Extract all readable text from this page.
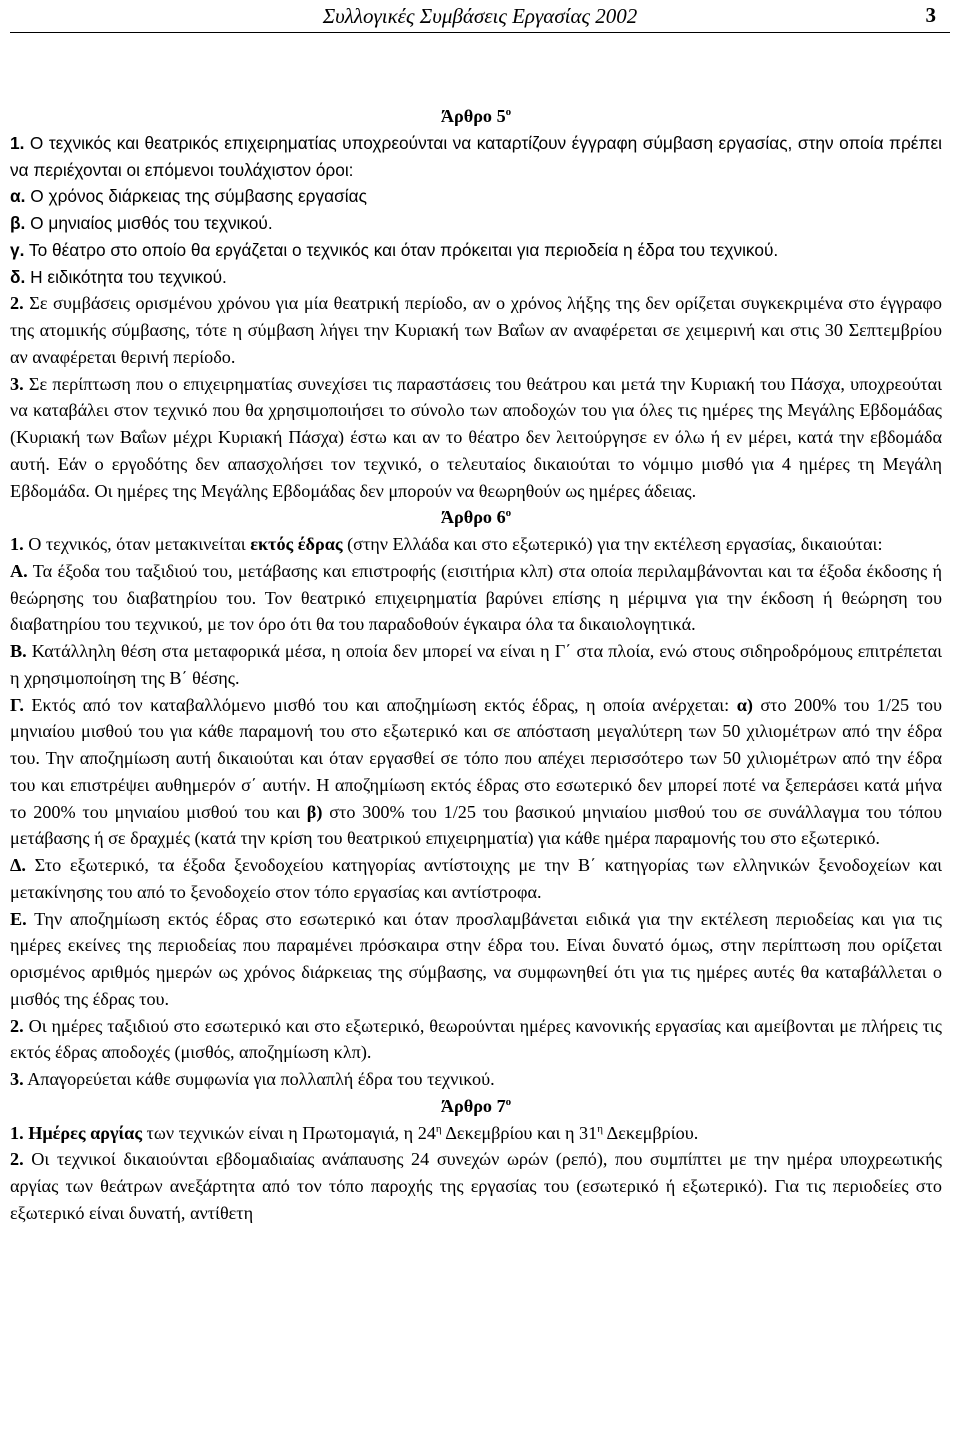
Συλλογικές Συμβάσεις Εργασίας 2002	3

Άρθρο $5^o$

1. Ο τεχνικός και θεατρικός επιχειρηματίας υποχρεούνται να καταρτίζουν έγγραφη σύμβαση εργασίας, στην οποία πρέπει να περιέχονται οι επόμενοι τουλάχιστον όροι:

α. Ο χρόνος διάρκειας της σύμβασης εργασίας

β. Ο μηνιαίος μισθός του τεχνικού.

γ. Το θέατρο στο οποίο θα εργάζεται ο τεχνικός και όταν πρόκειται για περιοδεία η έδρα του τεχνικού.

δ. Η ειδικότητα του τεχνικού.

2. Σε συμβάσεις ορισμένου χρόνου για μία θεατρική περίοδο, αν ο χρόνος λήξης της δεν ορίζεται συγκεκριμένα στο έγγραφο της ατομικής σύμβασης, τότε η σύμβαση λήγει την Κυριακή των Βαΐων αν αναφέρεται σε χειμερινή και στις 30 Σεπτεμβρίου αν αναφέρεται θερινή περίοδο.

3. Σε περίπτωση που ο επιχειρηματίας συνεχίσει τις παραστάσεις του θεάτρου και μετά την Κυριακή του Πάσχα, υποχρεούται να καταβάλει στον τεχνικό που θα χρησιμοποιήσει το σύνολο των αποδοχών του για όλες τις ημέρες της Μεγάλης Εβδομάδας (Κυριακή των Βαΐων μέχρι Κυριακή Πάσχα) έστω και αν το θέατρο δεν λειτούργησε εν όλω ή εν μέρει, κατά την εβδομάδα αυτή. Εάν ο εργοδότης δεν απασχολήσει τον τεχνικό, ο τελευταίος δικαιούται το νόμιμο μισθό για 4 ημέρες τη Μεγάλη Εβδομάδα. Οι ημέρες της Μεγάλης Εβδομάδας δεν μπορούν να θεωρηθούν ως ημέρες άδειας.

Άρθρο $6^o$

1. Ο τεχνικός, όταν μετακινείται εκτός έδρας (στην Ελλάδα και στο εξωτερικό) για την εκτέλεση εργασίας, δικαιούται:

Α. Τα έξοδα του ταξιδιού του, μετάβασης και επιστροφής (εισιτήρια κλπ) στα οποία περιλαμβάνονται και τα έξοδα έκδοσης ή θεώρησης του διαβατηρίου του. Τον θεατρικό επιχειρηματία βαρύνει επίσης η μέριμνα για την έκδοση ή θεώρηση του διαβατηρίου του τεχνικού, με τον όρο ότι θα του παραδοθούν έγκαιρα όλα τα δικαιολογητικά.

Β. Κατάλληλη θέση στα μεταφορικά μέσα, η οποία δεν μπορεί να είναι η Γ΄ στα πλοία, ενώ στους σιδηροδρόμους επιτρέπεται η χρησιμοποίηση της Β΄ θέσης.

Γ. Εκτός από τον καταβαλλόμενο μισθό του και αποζημίωση εκτός έδρας, η οποία ανέρχεται: α) στο 200% του 1/25 του μηνιαίου μισθού του για κάθε παραμονή του στο εξωτερικό και σε απόσταση μεγαλύτερη των 50 χιλιομέτρων από την έδρα του. Την αποζημίωση αυτή δικαιούται και όταν εργασθεί σε τόπο που απέχει περισσότερο των 50 χιλιομέτρων από την έδρα του και επιστρέψει αυθημερόν σ΄ αυτήν. Η αποζημίωση εκτός έδρας στο εσωτερικό δεν μπορεί ποτέ να ξεπεράσει κατά μήνα το 200% του μηνιαίου μισθού του και β) στο 300% του 1/25 του βασικού μηνιαίου μισθού του σε συνάλλαγμα του τόπου μετάβασης ή σε δραχμές (κατά την κρίση του θεατρικού επιχειρηματία) για κάθε ημέρα παραμονής του στο εξωτερικό.

Δ. Στο εξωτερικό, τα έξοδα ξενοδοχείου κατηγορίας αντίστοιχης με την Β΄ κατηγορίας των ελληνικών ξενοδοχείων και μετακίνησης του από το ξενοδοχείο στον τόπο εργασίας και αντίστροφα.

Ε. Την αποζημίωση εκτός έδρας στο εσωτερικό και όταν προσλαμβάνεται ειδικά για την εκτέλεση περιοδείας και για τις ημέρες εκείνες της περιοδείας που παραμένει πρόσκαιρα στην έδρα του. Είναι δυνατό όμως, στην περίπτωση που ορίζεται ορισμένος αριθμός ημερών ως χρόνος διάρκειας της σύμβασης, να συμφωνηθεί ότι για τις ημέρες αυτές θα καταβάλλεται ο μισθός της έδρας του.

2. Οι ημέρες ταξιδιού στο εσωτερικό και στο εξωτερικό, θεωρούνται ημέρες κανονικής εργασίας και αμείβονται με πλήρεις τις εκτός έδρας αποδοχές (μισθός, αποζημίωση κλπ).

3. Απαγορεύεται κάθε συμφωνία για πολλαπλή έδρα του τεχνικού.

Άρθρο $7^o$

1. Ημέρες αργίας των τεχνικών είναι η Πρωτομαγιά, η $24^\eta$ Δεκεμβρίου και η $31^\eta$ Δεκεμβρίου.

2. Οι τεχνικοί δικαιούνται εβδομαδιαίας ανάπαυσης 24 συνεχών ωρών (ρεπό), που συμπίπτει με την ημέρα υποχρεωτικής αργίας των θεάτρων ανεξάρτητα από τον τόπο παροχής της εργασίας του (εσωτερικό ή εξωτερικό). Για τις περιοδείες στο εξωτερικό είναι δυνατή, αντίθετη
